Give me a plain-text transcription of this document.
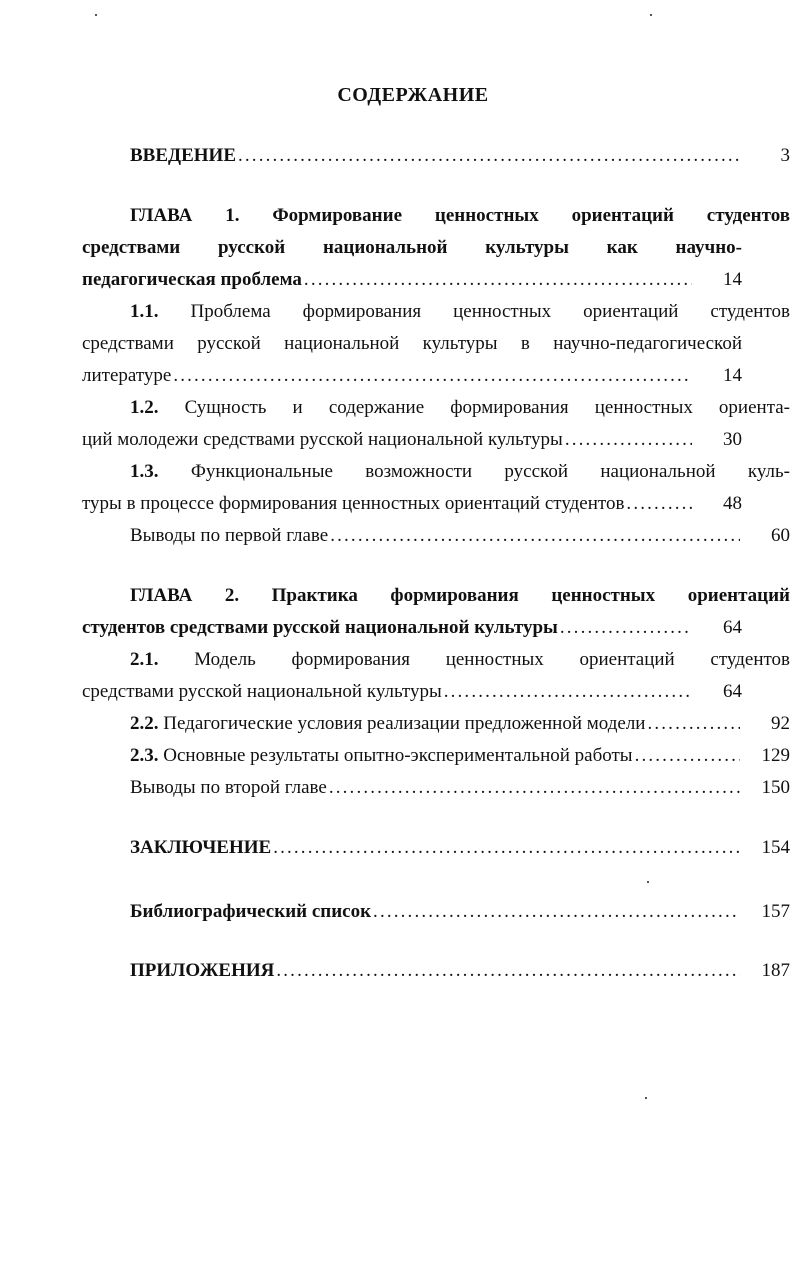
СОДЕРЖАНИЕ
ВВЕДЕНИЕ . . .	3
ГЛАВА 1. Формирование ценностных ориентаций студентов
средствами русской национальной культуры как научно-
педагогическая проблема . . .	14
1.1. Проблема формирования ценностных ориентаций студентов
средствами русской национальной культуры в научно-педагогической
литературе . . .	14
1.2. Сущность и содержание формирования ценностных ориента-
ций молодежи средствами русской национальной культуры . . .	30
1.3. Функциональные возможности русской национальной куль-
туры в процессе формирования ценностных ориентаций студентов . . .	48
Выводы по первой главе . . .	60
ГЛАВА 2. Практика формирования ценностных ориентаций
студентов средствами русской национальной культуры . . .	64
2.1. Модель формирования ценностных ориентаций студентов
средствами русской национальной культуры . . .	64
2.2. Педагогические условия реализации предложенной модели . . .	92
2.3. Основные результаты опытно-экспериментальной работы . . .	129
Выводы по второй главе . . .	150
ЗАКЛЮЧЕНИЕ . . .	154
Библиографический список . . .	157
ПРИЛОЖЕНИЯ . . .	187
